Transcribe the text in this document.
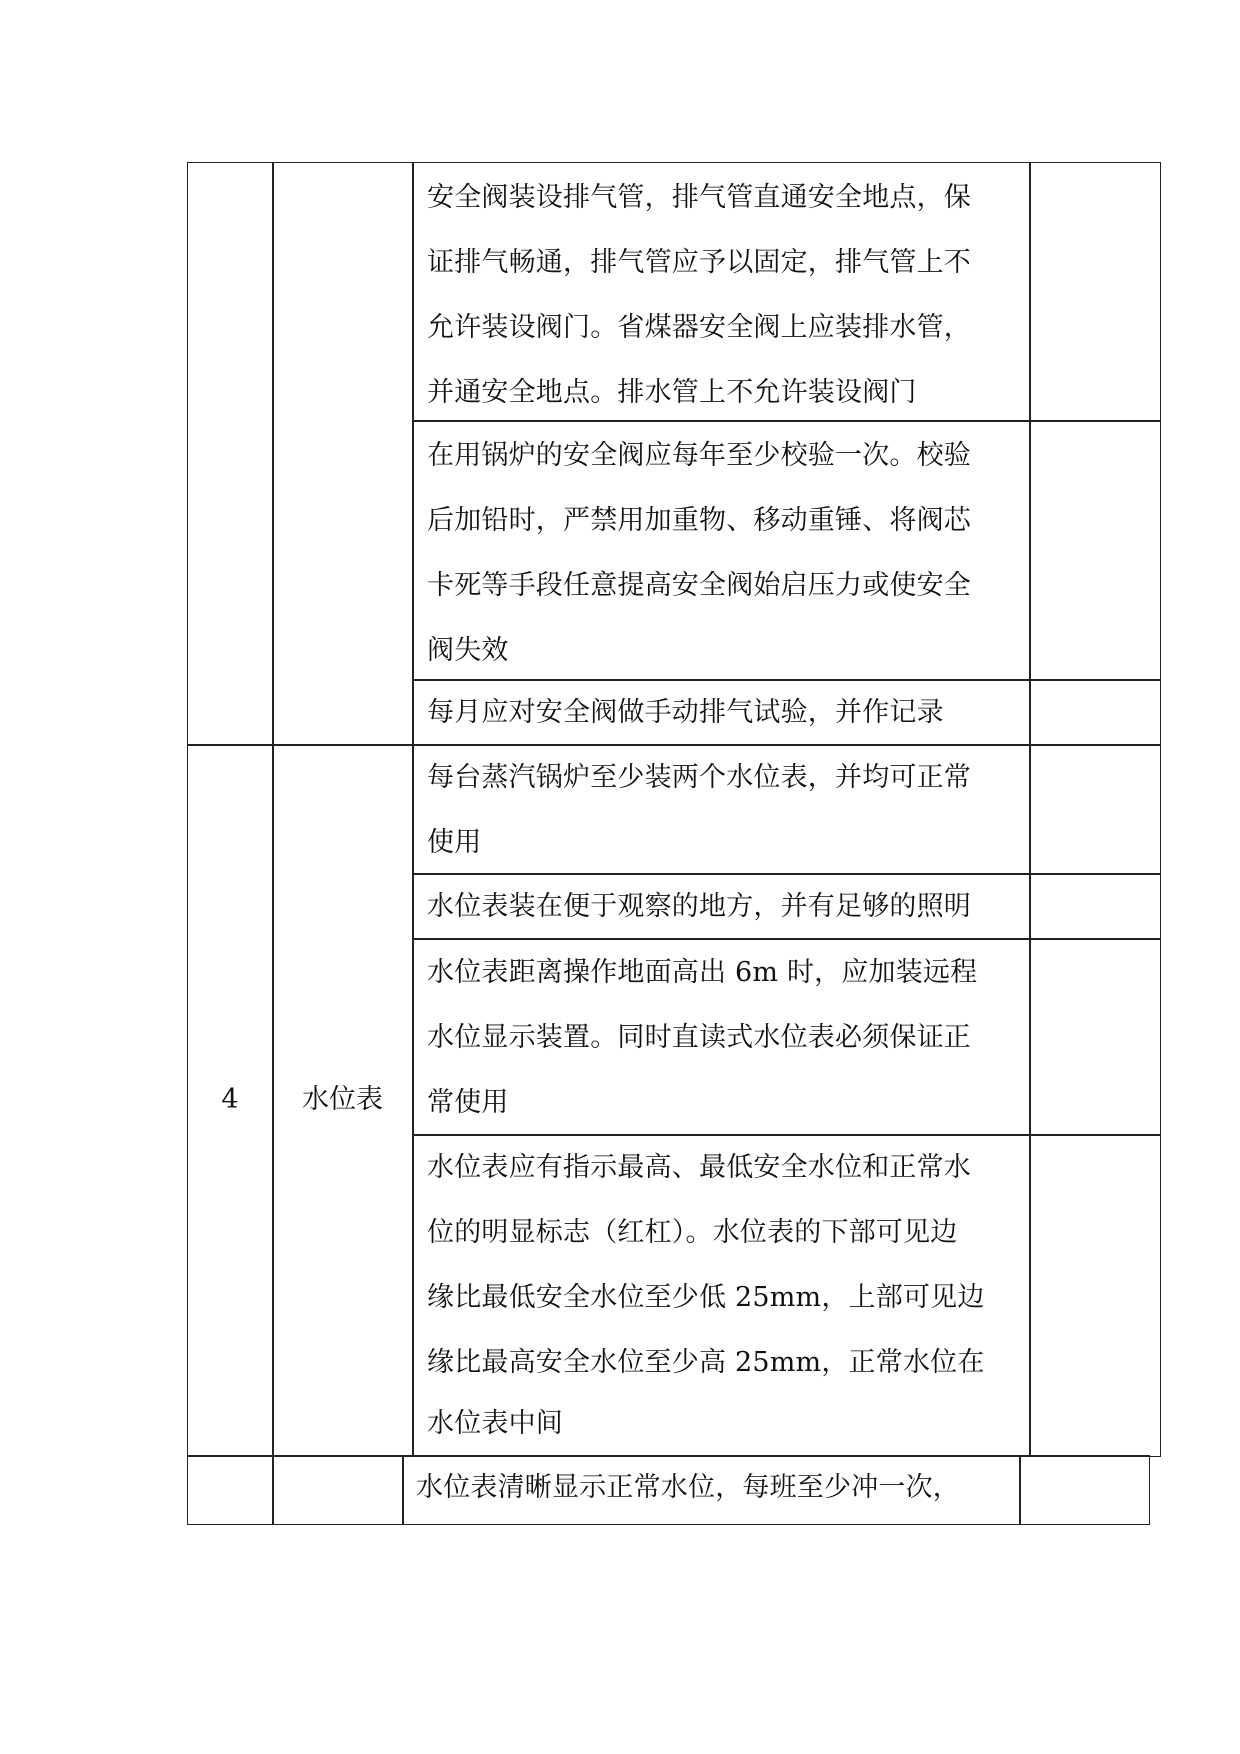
安全阀装设排气管，排气管直通安全地点，保
证排气畅通，排气管应予以固定，排气管上不
允许装设阀门。省煤器安全阀上应装排水管，
并通安全地点。排水管上不允许装设阀门
在用锅炉的安全阀应每年至少校验一次。校验
后加铅时，严禁用加重物、移动重锤、将阀芯
卡死等手段任意提高安全阀始启压力或使安全
阀失效
每月应对安全阀做手动排气试验，并作记录
4	水位表
每台蒸汽锅炉至少装两个水位表，并均可正常
使用
水位表装在便于观察的地方，并有足够的照明
水位表距离操作地面高出 6m 时，应加装远程
水位显示装置。同时直读式水位表必须保证正
常使用
水位表应有指示最高、最低安全水位和正常水
位的明显标志（红杠）。水位表的下部可见边
缘比最低安全水位至少低 25mm，上部可见边
缘比最高安全水位至少高 25mm，正常水位在
水位表中间
水位表清晰显示正常水位，每班至少冲一次，
